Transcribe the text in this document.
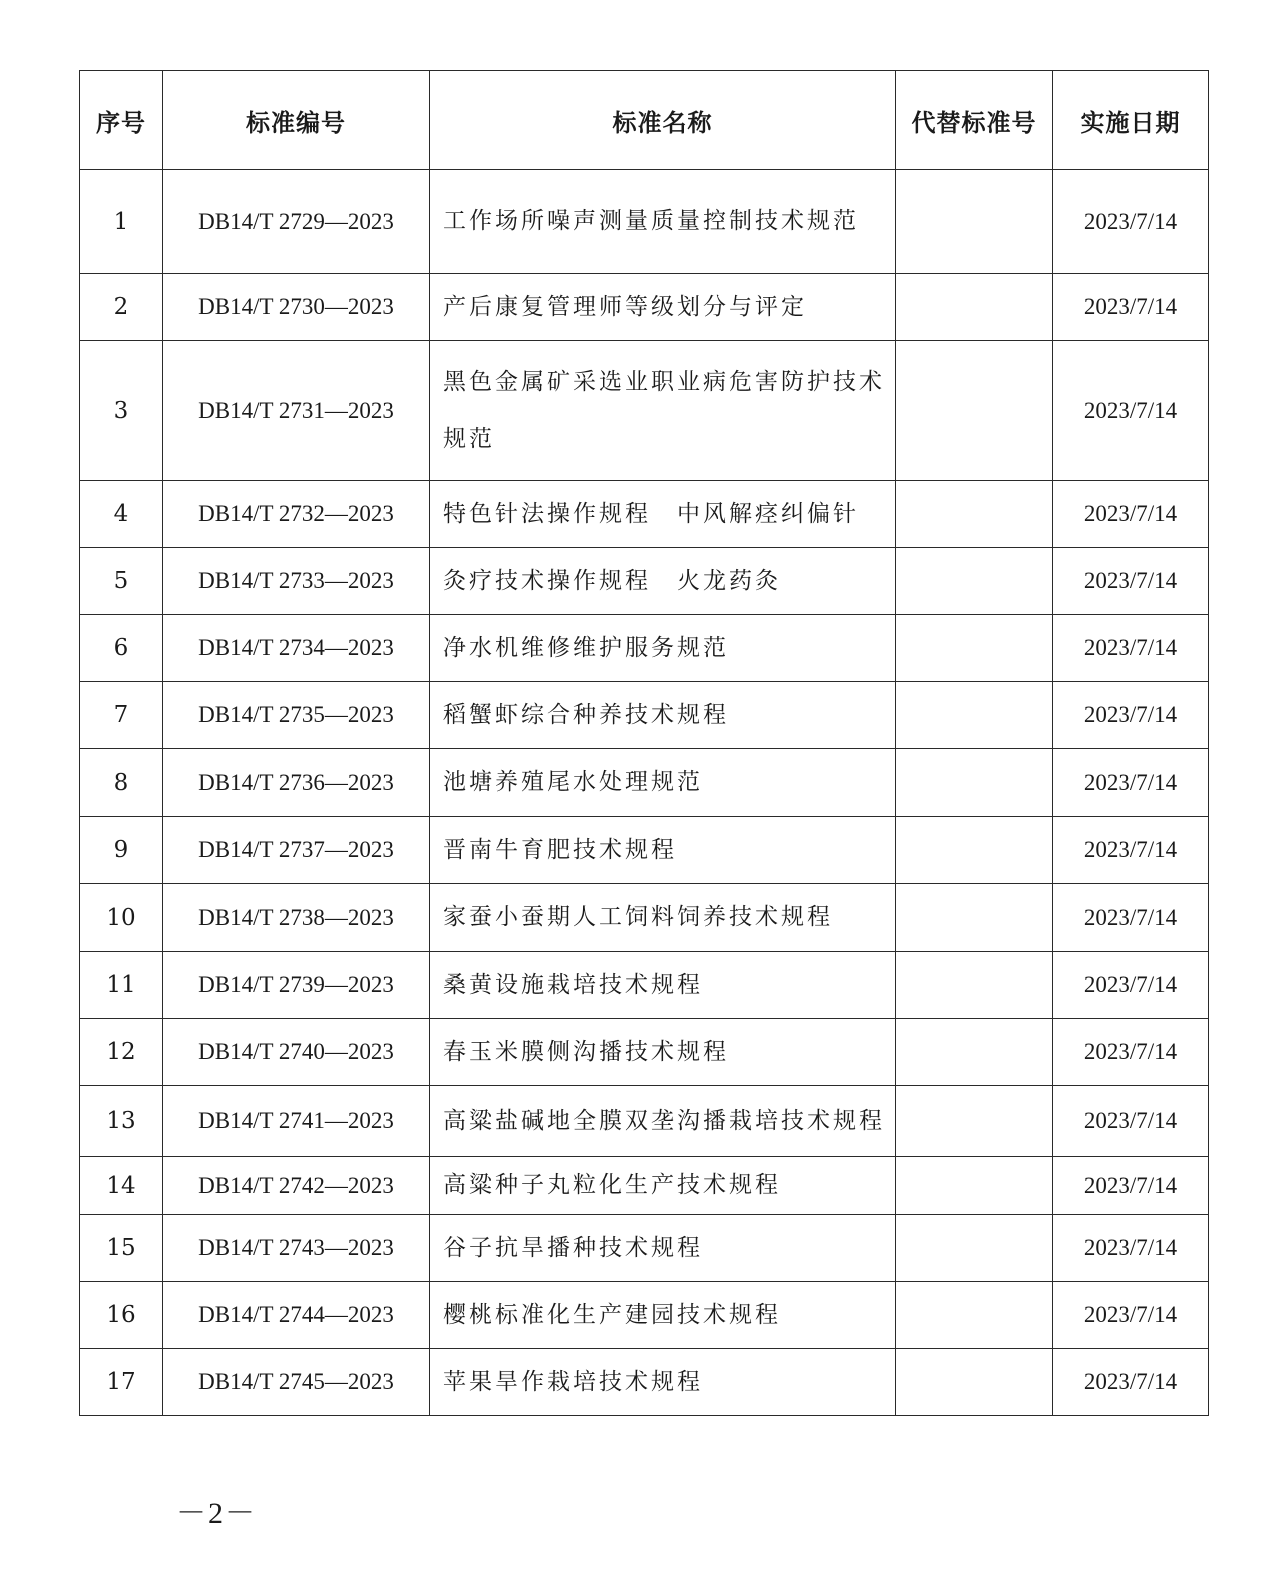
序号	标准编号	标准名称	代替标准号	实施日期
1	DB14/T 2729—2023	工作场所噪声测量质量控制技术规范		2023/7/14
2	DB14/T 2730—2023	产后康复管理师等级划分与评定		2023/7/14
3	DB14/T 2731—2023	黑色金属矿采选业职业病危害防护技术规范		2023/7/14
4	DB14/T 2732—2023	特色针法操作规程　中风解痉纠偏针		2023/7/14
5	DB14/T 2733—2023	灸疗技术操作规程　火龙药灸		2023/7/14
6	DB14/T 2734—2023	净水机维修维护服务规范		2023/7/14
7	DB14/T 2735—2023	稻蟹虾综合种养技术规程		2023/7/14
8	DB14/T 2736—2023	池塘养殖尾水处理规范		2023/7/14
9	DB14/T 2737—2023	晋南牛育肥技术规程		2023/7/14
10	DB14/T 2738—2023	家蚕小蚕期人工饲料饲养技术规程		2023/7/14
11	DB14/T 2739—2023	桑黄设施栽培技术规程		2023/7/14
12	DB14/T 2740—2023	春玉米膜侧沟播技术规程		2023/7/14
13	DB14/T 2741—2023	高粱盐碱地全膜双垄沟播栽培技术规程		2023/7/14
14	DB14/T 2742—2023	高粱种子丸粒化生产技术规程		2023/7/14
15	DB14/T 2743—2023	谷子抗旱播种技术规程		2023/7/14
16	DB14/T 2744—2023	樱桃标准化生产建园技术规程		2023/7/14
17	DB14/T 2745—2023	苹果旱作栽培技术规程		2023/7/14
－2－
